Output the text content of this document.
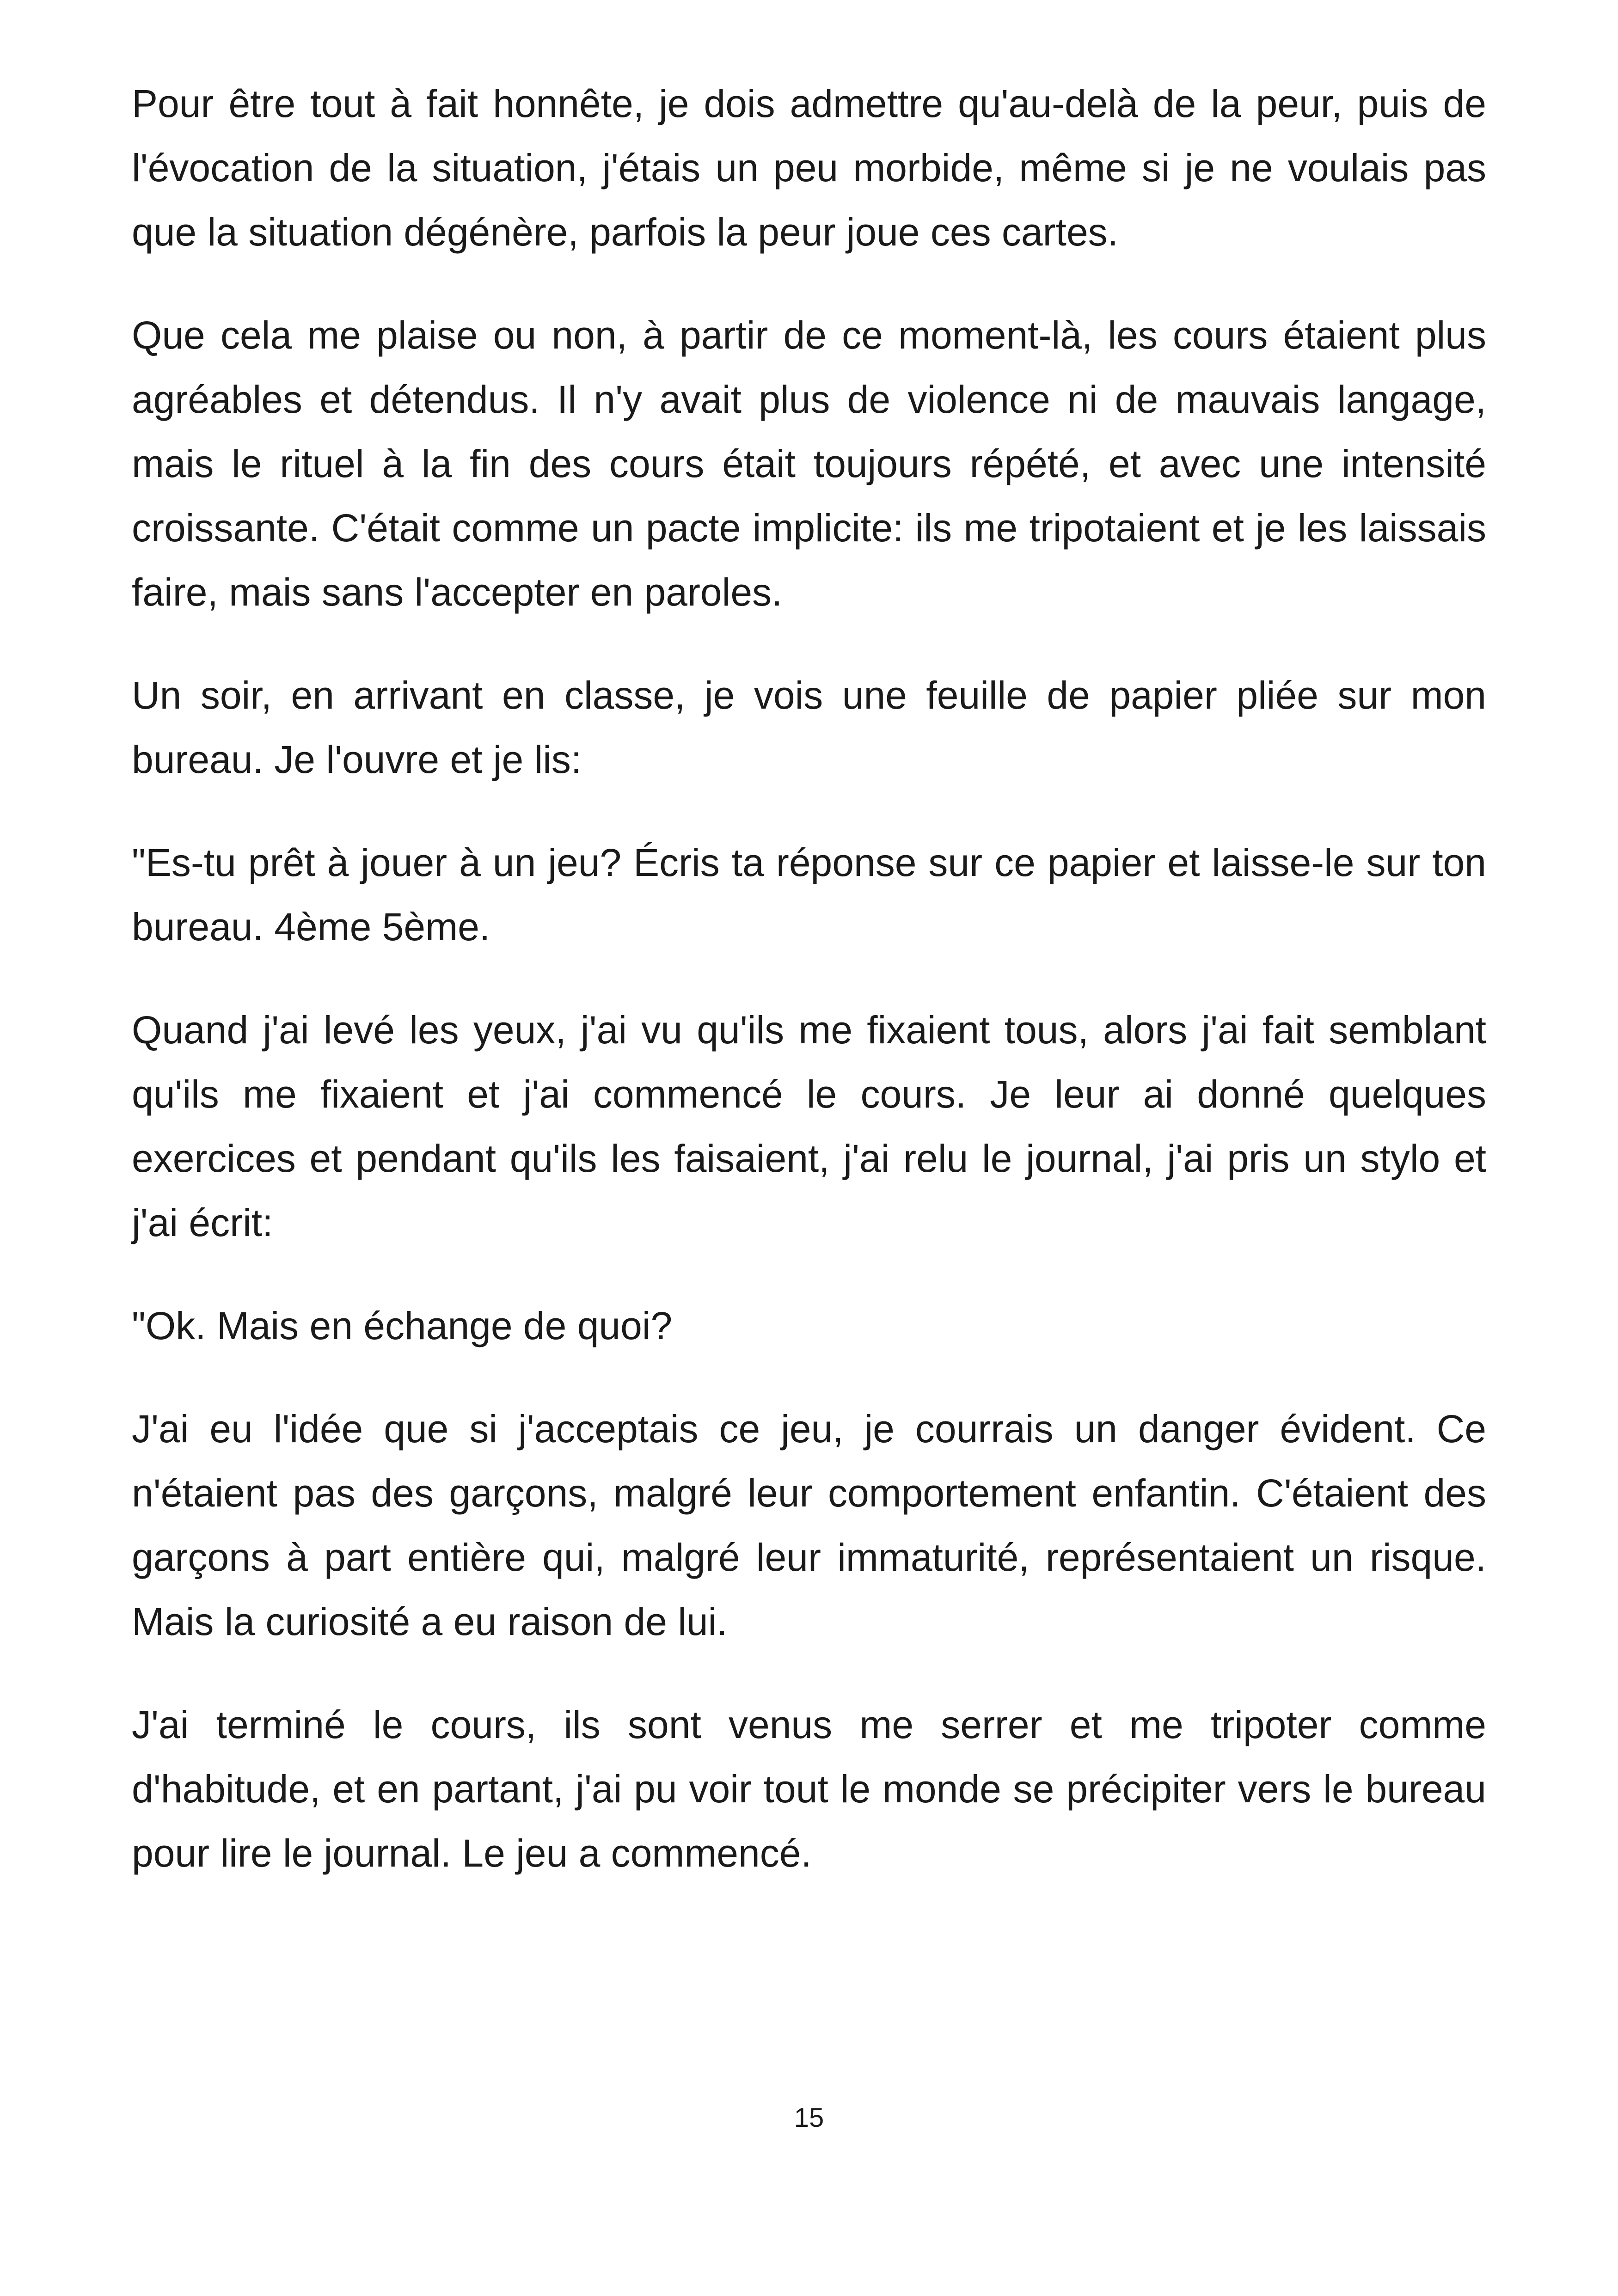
Pour être tout à fait honnête, je dois admettre qu'au-delà de la peur, puis de l'évocation de la situation, j'étais un peu morbide, même si je ne voulais pas que la situation dégénère, parfois la peur joue ces cartes.

Que cela me plaise ou non, à partir de ce moment-là, les cours étaient plus agréables et détendus. Il n'y avait plus de violence ni de mauvais langage, mais le rituel à la fin des cours était toujours répété, et avec une intensité croissante. C'était comme un pacte implicite: ils me tripotaient et je les laissais faire, mais sans l'accepter en paroles.

Un soir, en arrivant en classe, je vois une feuille de papier pliée sur mon bureau. Je l'ouvre et je lis:

"Es-tu prêt à jouer à un jeu? Écris ta réponse sur ce papier et laisse-le sur ton bureau. 4ème 5ème.

Quand j'ai levé les yeux, j'ai vu qu'ils me fixaient tous, alors j'ai fait semblant qu'ils me fixaient et j'ai commencé le cours. Je leur ai donné quelques exercices et pendant qu'ils les faisaient, j'ai relu le journal, j'ai pris un stylo et j'ai écrit:

"Ok. Mais en échange de quoi?

J'ai eu l'idée que si j'acceptais ce jeu, je courrais un danger évident. Ce n'étaient pas des garçons, malgré leur comportement enfantin. C'étaient des garçons à part entière qui, malgré leur immaturité, représentaient un risque. Mais la curiosité a eu raison de lui.

J'ai terminé le cours, ils sont venus me serrer et me tripoter comme d'habitude, et en partant, j'ai pu voir tout le monde se précipiter vers le bureau pour lire le journal. Le jeu a commencé.

15
